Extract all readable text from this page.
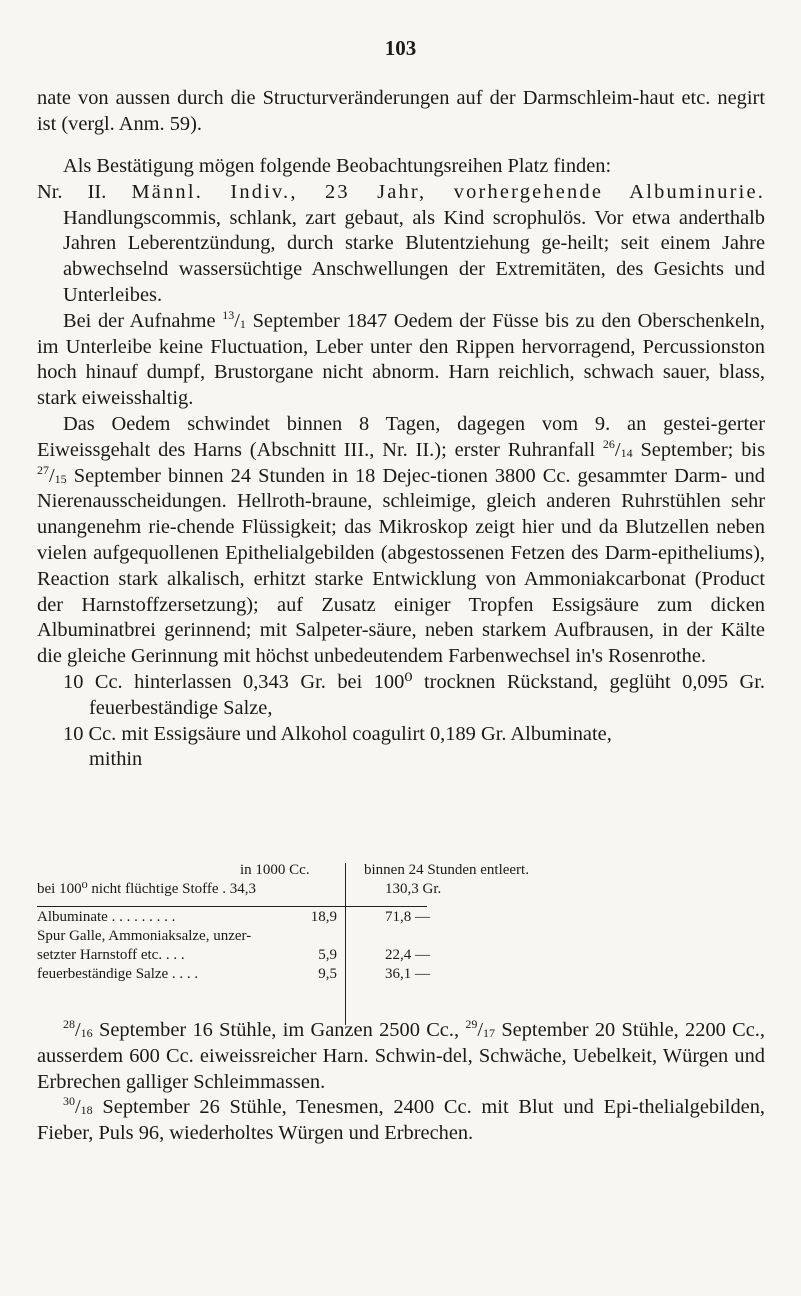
103

nate von aussen durch die Structurveränderungen auf der Darmschleim-haut etc. negirt ist (vergl. Anm. 59).

Als Bestätigung mögen folgende Beobachtungsreihen Platz finden:

Nr. II. Männl. Indiv., 23 Jahr, vorhergehende Albuminurie. Handlungscommis, schlank, zart gebaut, als Kind scrophulös. Vor etwa anderthalb Jahren Leberentzündung, durch starke Blutentziehung ge-heilt; seit einem Jahre abwechselnd wassersüchtige Anschwellungen der Extremitäten, des Gesichts und Unterleibes.

Bei der Aufnahme $^{13}/_1$ September 1847 Oedem der Füsse bis zu den Oberschenkeln, im Unterleibe keine Fluctuation, Leber unter den Rippen hervorragend, Percussionston hoch hinauf dumpf, Brustorgane nicht abnorm. Harn reichlich, schwach sauer, blass, stark eiweisshaltig.

Das Oedem schwindet binnen 8 Tagen, dagegen vom 9. an gestei-gerter Eiweissgehalt des Harns (Abschnitt III., Nr. II.); erster Ruhranfall $^{26}/_{14}$ September; bis $^{27}/_{15}$ September binnen 24 Stunden in 18 Dejec-tionen 3800 Cc. gesammter Darm- und Nierenausscheidungen. Hellroth-braune, schleimige, gleich anderen Ruhrstühlen sehr unangenehm rie-chende Flüssigkeit; das Mikroskop zeigt hier und da Blutzellen neben vielen aufgequollenen Epithelialgebilden (abgestossenen Fetzen des Darm-epitheliums), Reaction stark alkalisch, erhitzt starke Entwicklung von Ammoniakcarbonat (Product der Harnstoffzersetzung); auf Zusatz einiger Tropfen Essigsäure zum dicken Albuminatbrei gerinnend; mit Salpeter-säure, neben starkem Aufbrausen, in der Kälte die gleiche Gerinnung mit höchst unbedeutendem Farbenwechsel in's Rosenrothe.

10 Cc. hinterlassen 0,343 Gr. bei 100⁰ trocknen Rückstand, geglüht 0,095 Gr. feuerbeständige Salze,

10 Cc. mit Essigsäure und Alkohol coagulirt 0,189 Gr. Albuminate,

mithin

in 1000 Cc.	binnen 24 Stunden entleert.
bei 100⁰ nicht flüchtige Stoffe . 34,3	130,3 Gr.
Albuminate . . . . . . . . .	18,9	71,8 —
Spur Galle, Ammoniaksalze, unzer-
setzter Harnstoff etc. . . .	5,9	22,4 —
feuerbeständige Salze . . . .	9,5	36,1 —

$^{28}/_{16}$ September 16 Stühle, im Ganzen 2500 Cc., $^{29}/_{17}$ September 20 Stühle, 2200 Cc., ausserdem 600 Cc. eiweissreicher Harn. Schwin-del, Schwäche, Uebelkeit, Würgen und Erbrechen galliger Schleimmassen.

$^{30}/_{18}$ September 26 Stühle, Tenesmen, 2400 Cc. mit Blut und Epi-thelialgebilden, Fieber, Puls 96, wiederholtes Würgen und Erbrechen.
